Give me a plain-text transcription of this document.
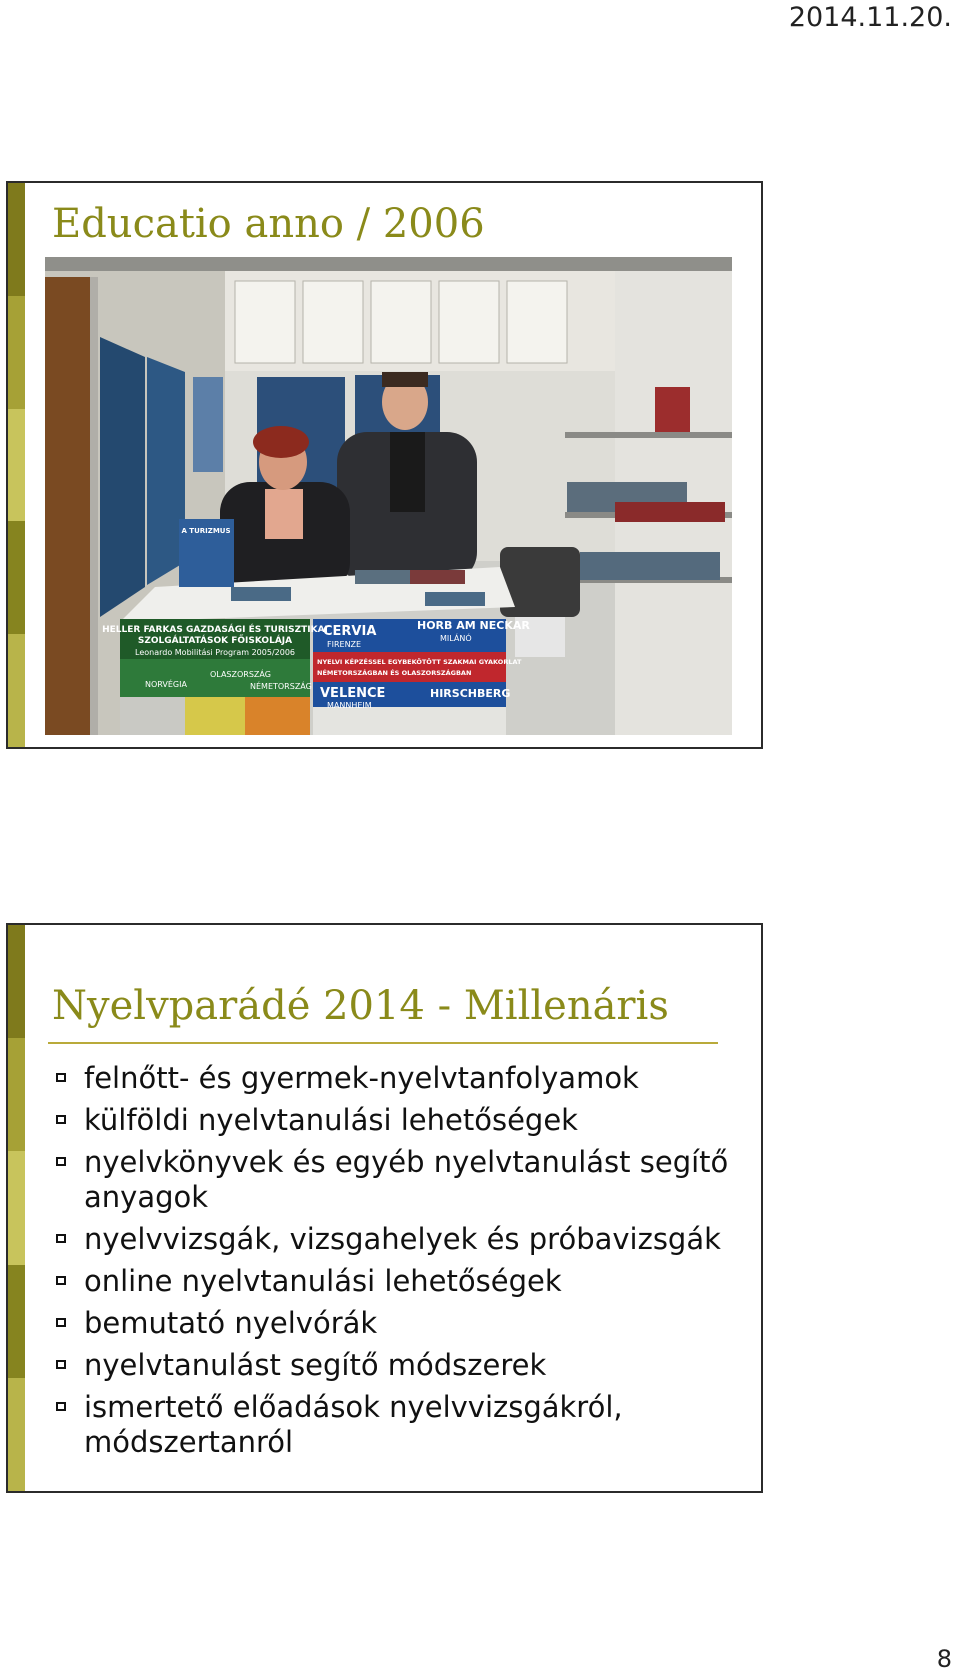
2014.11.20.
Educatio anno / 2006
HELLER FARKAS GAZDASÁGI ÉS TURISZTIKAI
SZOLGÁLTATÁSOK FŐISKOLÁJA
Leonardo Mobilitási Program 2005/2006
NORVÉGIA
OLASZORSZÁG
NÉMETORSZÁG
CERVIA
FIRENZE
HORB AM NECKAR
MILÁNÓ
NYELVI KÉPZÉSSEL EGYBEKÖTÖTT SZAKMAI GYAKORLAT
NÉMETORSZÁGBAN ÉS OLASZORSZÁGBAN
VELENCE
MANNHEIM
HIRSCHBERG
A TURIZMUS
Nyelvparádé 2014 - Millenáris
felnőtt- és gyermek-nyelvtanfolyamok
külföldi nyelvtanulási lehetőségek
nyelvkönyvek és egyéb nyelvtanulást segítő anyagok
nyelvvizsgák, vizsgahelyek és próbavizsgák
online nyelvtanulási lehetőségek
bemutató nyelvórák
nyelvtanulást segítő módszerek
ismertető előadások nyelvvizsgákról, módszertanról
8
